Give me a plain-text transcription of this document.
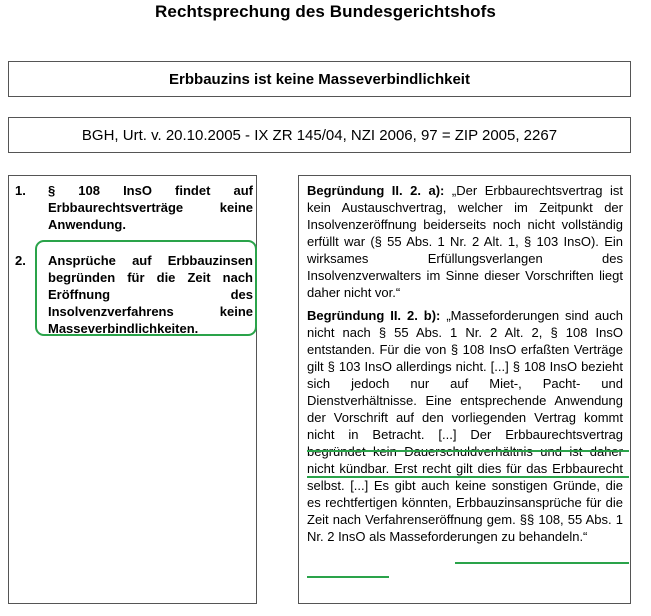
Rechtsprechung des Bundesgerichtshofs
Erbbauzins ist keine Masseverbindlichkeit
BGH, Urt. v. 20.10.2005 - IX ZR 145/04, NZI 2006, 97 = ZIP 2005, 2267
1. § 108 InsO findet auf Erbbaurechtsverträge keine Anwendung.
2. Ansprüche auf Erbbauzinsen begründen für die Zeit nach Eröffnung des Insolvenzverfahrens keine Masseverbindlichkeiten.
Begründung II. 2. a): „Der Erbbaurechtsvertrag ist kein Austauschvertrag, welcher im Zeitpunkt der Insolvenzeröffnung beiderseits noch nicht vollständig erfüllt war (§ 55 Abs. 1 Nr. 2 Alt. 1, § 103 InsO). Ein wirksames Erfüllungsverlangen des Insolvenzverwalters im Sinne dieser Vorschriften liegt daher nicht vor.“
Begründung II. 2. b): „Masseforderungen sind auch nicht nach § 55 Abs. 1 Nr. 2 Alt. 2, § 108 InsO entstanden. Für die von § 108 InsO erfaßten Verträge gilt § 103 InsO allerdings nicht. [...] § 108 InsO bezieht sich jedoch nur auf Miet-, Pacht- und Dienstverhältnisse. Eine entsprechende Anwendung der Vorschrift auf den vorliegenden Vertrag kommt nicht in Betracht. [...] Der Erbbaurechtsvertrag nicht kündbar. Erst recht gilt dies für das Erbbaurecht selbst. [...] Es gibt auch keine sonstigen Gründe, die es rechtfertigen könnten, Erbbauzinsansprüche für die Zeit nach Verfahrenseröffnung gem. §§ 108, 55 Abs. 1 Nr. 2 InsO als Masseforderungen zu behandeln.“
